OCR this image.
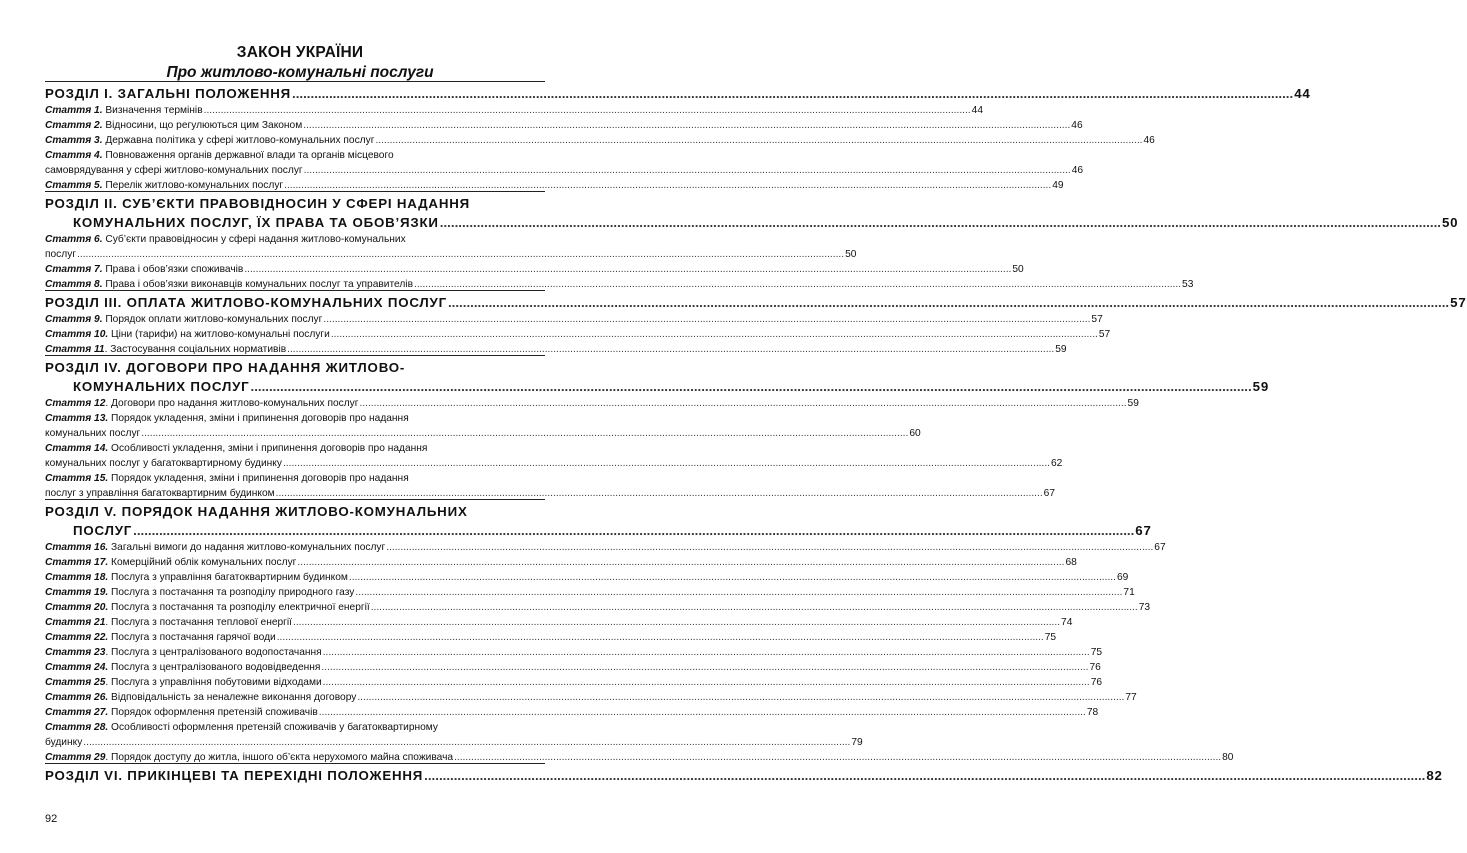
ЗАКОН УКРАЇНИ
Про житлово-комунальні послуги
РОЗДІЛ І. ЗАГАЛЬНІ ПОЛОЖЕННЯ .....	44
Стаття 1. Визначення термінів .....	44
Стаття 2. Відносини, що регулюються цим Законом .....	46
Стаття 3. Державна політика у сфері житлово-комунальних послуг .....	46
Стаття 4. Повноваження органів державної влади та органів місцевого
самоврядування у сфері житлово-комунальних послуг .....	46
Стаття 5. Перелік житлово-комунальних послуг .....	49
РОЗДІЛ ІІ. СУБ’ЄКТИ ПРАВОВІДНОСИН У СФЕРІ НАДАННЯ
КОМУНАЛЬНИХ ПОСЛУГ, ЇХ ПРАВА ТА ОБОВ’ЯЗКИ .....	50
Стаття 6. Суб’єкти правовідносин у сфері надання житлово-комунальних
послуг .....	50
Стаття 7. Права і обов’язки споживачів .....	50
Стаття 8. Права і обов’язки виконавців комунальних послуг та управителів .....	53
РОЗДІЛ ІІІ. ОПЛАТА ЖИТЛОВО-КОМУНАЛЬНИХ ПОСЛУГ .....	57
Стаття 9. Порядок оплати житлово-комунальних послуг .....	57
Стаття 10. Ціни (тарифи) на житлово-комунальні послуги .....	57
Стаття 11. Застосування соціальних нормативів .....	59
РОЗДІЛ IV. ДОГОВОРИ ПРО НАДАННЯ ЖИТЛОВО-
КОМУНАЛЬНИХ ПОСЛУГ .....	59
Стаття 12. Договори про надання житлово-комунальних послуг .....	59
Стаття 13. Порядок укладення, зміни і припинення договорів про надання
комунальних послуг .....	60
Стаття 14. Особливості укладення, зміни і припинення договорів про надання
комунальних послуг у багатоквартирному будинку .....	62
Стаття 15. Порядок укладення, зміни і припинення договорів про надання
послуг з управління багатоквартирним будинком .....	67
РОЗДІЛ V. ПОРЯДОК НАДАННЯ ЖИТЛОВО-КОМУНАЛЬНИХ
ПОСЛУГ .....	67
Стаття 16. Загальні вимоги до надання житлово-комунальних послуг .....	67
Стаття 17. Комерційний облік комунальних послуг .....	68
Стаття 18. Послуга з управління багатоквартирним будинком .....	69
Стаття 19. Послуга з постачання та розподілу природного газу .....	71
Стаття 20. Послуга з постачання та розподілу електричної енергії .....	73
Стаття 21. Послуга з постачання теплової енергії .....	74
Стаття 22. Послуга з постачання гарячої води .....	75
Стаття 23. Послуга з централізованого водопостачання .....	75
Стаття 24. Послуга з централізованого водовідведення .....	76
Стаття 25. Послуга з управління побутовими відходами .....	76
Стаття 26. Відповідальність за неналежне виконання договору .....	77
Стаття 27. Порядок оформлення претензій споживачів .....	78
Стаття 28. Особливості оформлення претензій споживачів у багатоквартирному
будинку .....	79
Стаття 29. Порядок доступу до житла, іншого об’єкта нерухомого майна споживача .....	80
РОЗДІЛ VI. ПРИКІНЦЕВІ ТА ПЕРЕХІДНІ ПОЛОЖЕННЯ .....	82
92
